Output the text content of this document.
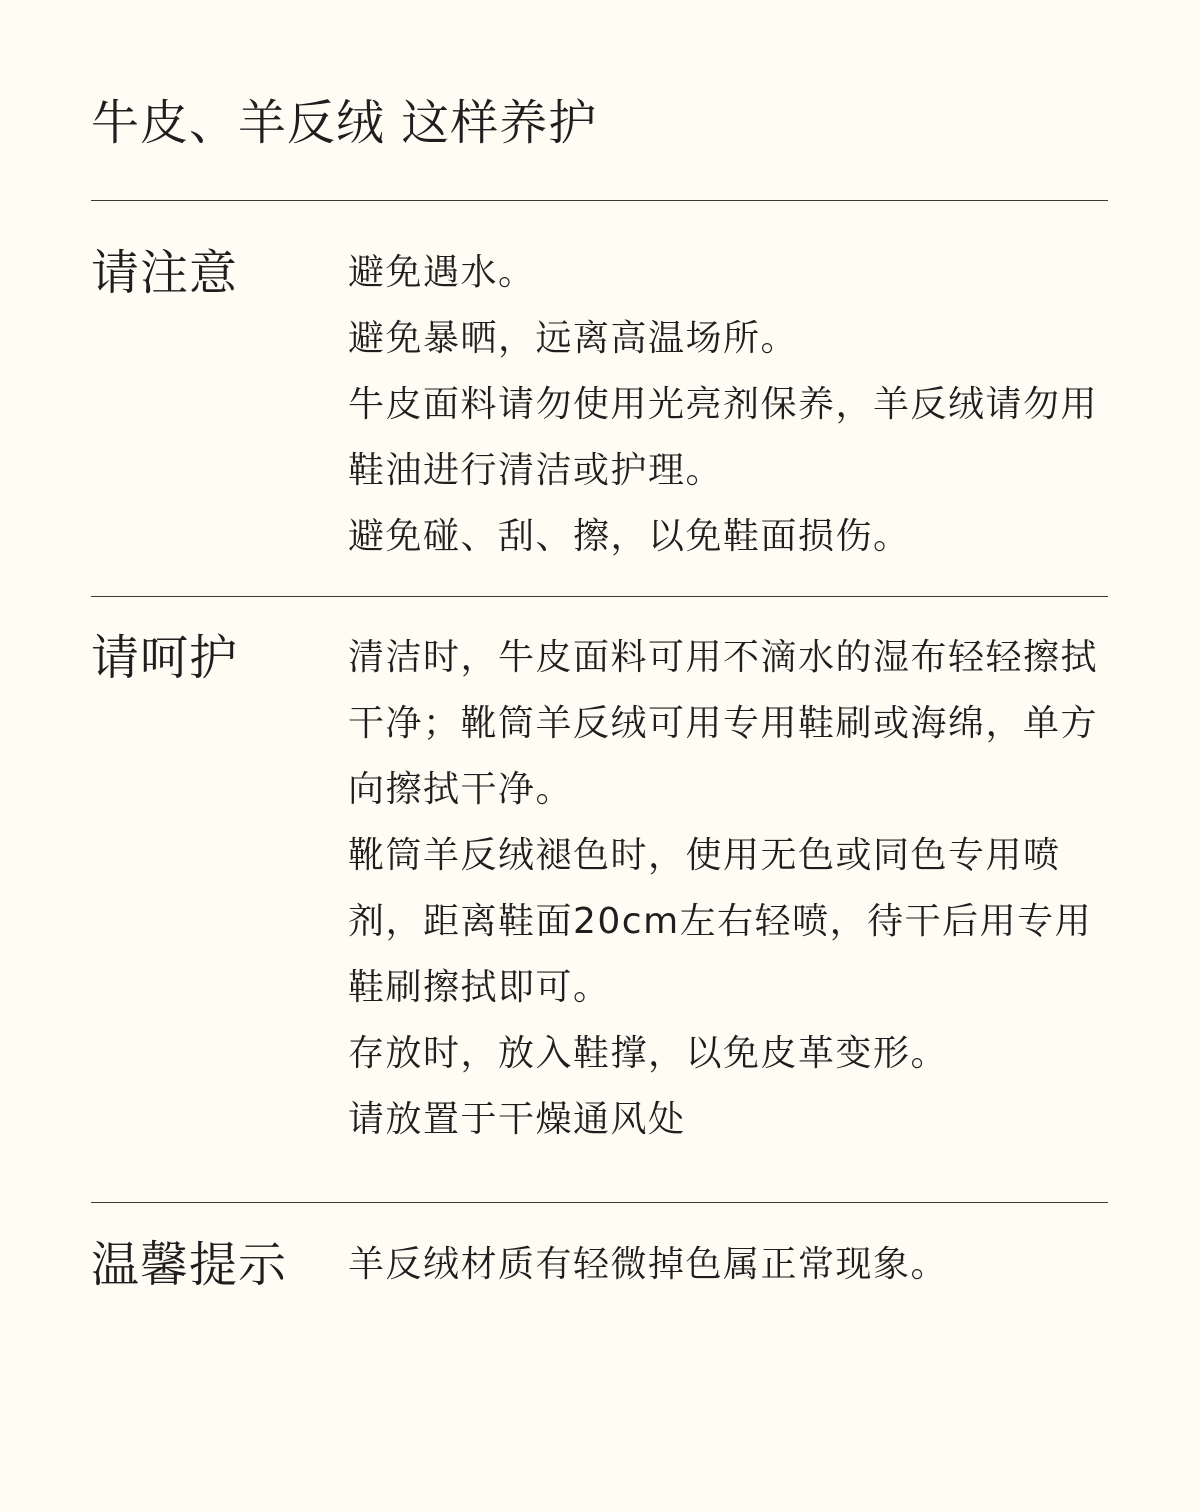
牛皮、羊反绒 这样养护
请注意	避免遇水。
避免暴晒，远离高温场所。
牛皮面料请勿使用光亮剂保养，羊反绒请勿用鞋油进行清洁或护理。
避免碰、刮、擦，以免鞋面损伤。
请呵护	清洁时，牛皮面料可用不滴水的湿布轻轻擦拭干净；靴筒羊反绒可用专用鞋刷或海绵，单方向擦拭干净。
靴筒羊反绒褪色时，使用无色或同色专用喷剂，距离鞋面20cm左右轻喷，待干后用专用鞋刷擦拭即可。
存放时，放入鞋撑，以免皮革变形。
请放置于干燥通风处
温馨提示 羊反绒材质有轻微掉色属正常现象。
